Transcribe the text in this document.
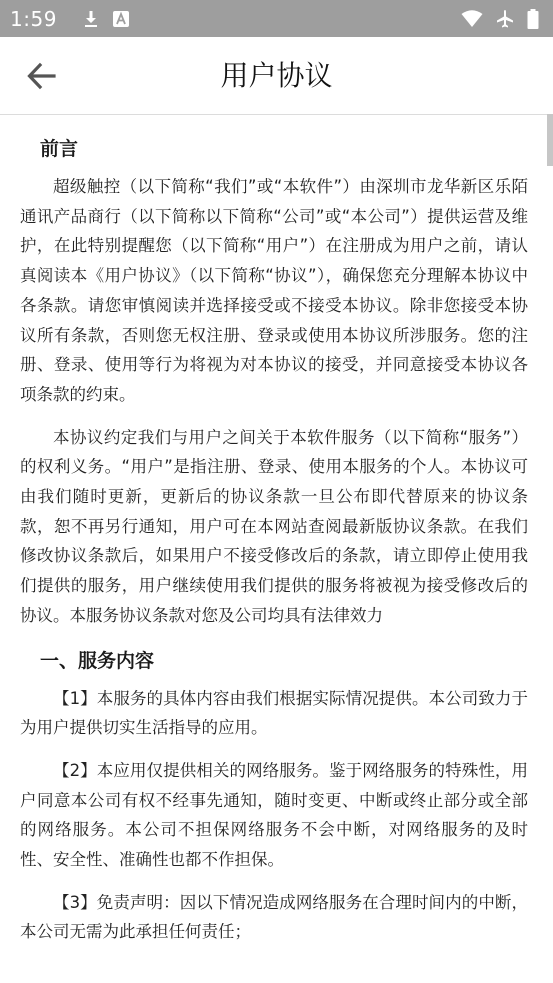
1:59
用户协议
前言

超级触控（以下简称“我们”或“本软件”）由深圳市龙华新区乐陌通讯产品商行（以下简称以下简称“公司”或“本公司”）提供运营及维护，在此特别提醒您（以下简称“用户”）在注册成为用户之前，请认真阅读本《用户协议》（以下简称“协议”），确保您充分理解本协议中各条款。请您审慎阅读并选择接受或不接受本协议。除非您接受本协议所有条款，否则您无权注册、登录或使用本协议所涉服务。您的注册、登录、使用等行为将视为对本协议的接受，并同意接受本协议各项条款的约束。

本协议约定我们与用户之间关于本软件服务（以下简称“服务”）的权利义务。“用户”是指注册、登录、使用本服务的个人。本协议可由我们随时更新，更新后的协议条款一旦公布即代替原来的协议条款，恕不再另行通知，用户可在本网站查阅最新版协议条款。在我们修改协议条款后，如果用户不接受修改后的条款，请立即停止使用我们提供的服务，用户继续使用我们提供的服务将被视为接受修改后的协议。本服务协议条款对您及公司均具有法律效力

一、服务内容

【1】本服务的具体内容由我们根据实际情况提供。本公司致力于为用户提供切实生活指导的应用。

【2】本应用仅提供相关的网络服务。鉴于网络服务的特殊性，用户同意本公司有权不经事先通知，随时变更、中断或终止部分或全部的网络服务。本公司不担保网络服务不会中断，对网络服务的及时性、安全性、准确性也都不作担保。

【3】免责声明：因以下情况造成网络服务在合理时间内的中断，本公司无需为此承担任何责任；
